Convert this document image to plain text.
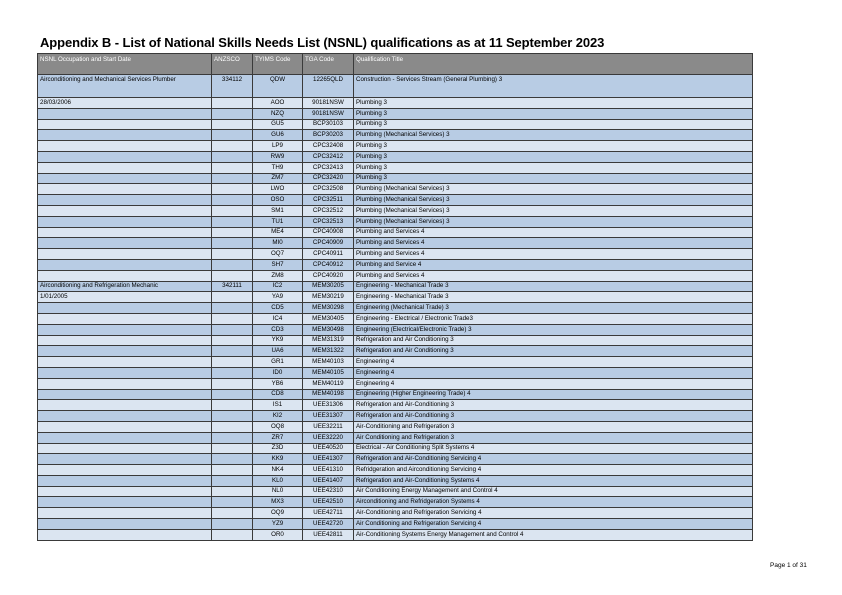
Appendix B - List of National Skills Needs List (NSNL) qualifications as at 11 September 2023
NSNL Occupation and Start Date	ANZSCO	TYIMS Code	TGA Code	Qualification Title
Airconditioning and Mechanical Services Plumber	334112	QDW	12265QLD	Construction - Services Stream (General Plumbing) 3
28/03/2006		AOO	90181NSW	Plumbing 3
		NZQ	90181NSW	Plumbing 3
		GU5	BCP30103	Plumbing 3
		GU6	BCP30203	Plumbing (Mechanical Services) 3
		LP9	CPC32408	Plumbing 3
		RW9	CPC32412	Plumbing 3
		TH9	CPC32413	Plumbing 3
		ZM7	CPC32420	Plumbing 3
		LWO	CPC32508	Plumbing (Mechanical Services) 3
		OSO	CPC32511	Plumbing (Mechanical Services) 3
		SM1	CPC32512	Plumbing (Mechanical Services) 3
		TU1	CPC32513	Plumbing (Mechanical Services) 3
		ME4	CPC40908	Plumbing and Services 4
		MI0	CPC40909	Plumbing and Services 4
		OQ7	CPC40911	Plumbing and Services 4
		SH7	CPC40912	Plumbing and Service 4
		ZM8	CPC40920	Plumbing and Services 4
Airconditioning and Refrigeration Mechanic	342111	IC2	MEM30205	Engineering - Mechanical Trade 3
1/01/2005		YA9	MEM30219	Engineering - Mechanical Trade 3
		CD5	MEM30298	Engineering (Mechanical Trade) 3
		IC4	MEM30405	Engineering - Electrical / Electronic Trade3
		CD3	MEM30498	Engineering (Electrical/Electronic Trade) 3
		YK9	MEM31319	Refrigeration and Air Conditioning 3
		UA6	MEM31322	Refrigeration and Air Conditioning 3
		GR1	MEM40103	Engineering 4
		ID0	MEM40105	Engineering 4
		YB6	MEM40119	Engineering 4
		CD8	MEM40198	Engineering (Higher Engineering Trade) 4
		IS1	UEE31306	Refrigeration and Air-Conditioning 3
		KI2	UEE31307	Refrigeration and Air-Conditioning 3
		OQ8	UEE32211	Air-Conditioning and Refrigeration 3
		ZR7	UEE32220	Air Conditioning and Refrigeration 3
		Z3D	UEE40520	Electrical - Air Conditioning Split Systems 4
		KK9	UEE41307	Refrigeration and Air-Conditioning Servicing 4
		NK4	UEE41310	Refridgeration and Airconditioning Servicing 4
		KL0	UEE41407	Refrigeration and Air-Conditioning Systems 4
		NL0	UEE42310	Air Conditioning Energy Management and Control 4
		MX3	UEE42510	Airconditioning and Refridgeration Systems 4
		OQ9	UEE42711	Air-Conditioning and Refrigeration Servicing 4
		YZ9	UEE42720	Air Conditioning and Refrigeration Servicing 4
		OR0	UEE42811	Air-Conditioning Systems Energy Management and Control 4
Page 1 of 31
